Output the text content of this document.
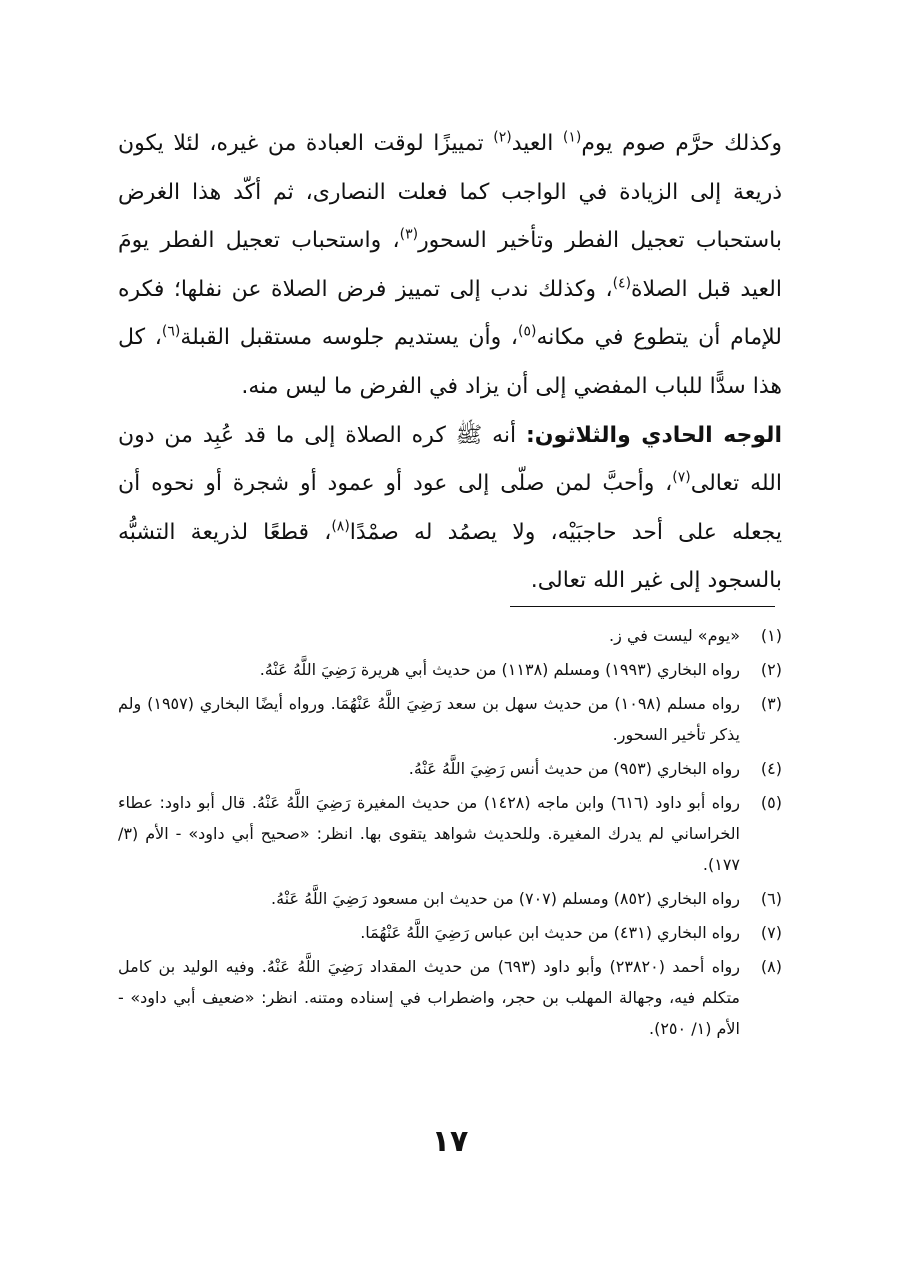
وكذلك حرَّم صوم يوم$^{(١)}$ العيد$^{(٢)}$ تمييزًا لوقت العبادة من غيره، لئلا يكون ذريعة إلى الزيادة في الواجب كما فعلت النصارى، ثم أكّد هذا الغرض باستحباب تعجيل الفطر وتأخير السحور$^{(٣)}$، واستحباب تعجيل الفطر يومَ العيد قبل الصلاة$^{(٤)}$، وكذلك ندب إلى تمييز فرض الصلاة عن نفلها؛ فكره للإمام أن يتطوع في مكانه$^{(٥)}$، وأن يستديم جلوسه مستقبل القبلة$^{(٦)}$، كل هذا سدًّا للباب المفضي إلى أن يزاد في الفرض ما ليس منه.

الوجه الحادي والثلاثون: أنه ﷺ كره الصلاة إلى ما قد عُبِد من دون الله تعالى$^{(٧)}$، وأحبَّ لمن صلّى إلى عود أو عمود أو شجرة أو نحوه أن يجعله على أحد حاجبَيْه، ولا يصمُد له صمْدًا$^{(٨)}$، قطعًا لذريعة التشبُّه بالسجود إلى غير الله تعالى.

(١)
«يوم» ليست في ز.
(٢)
رواه البخاري (١٩٩٣) ومسلم (١١٣٨) من حديث أبي هريرة رَضِيَ اللَّهُ عَنْهُ.
(٣)
رواه مسلم (١٠٩٨) من حديث سهل بن سعد رَضِيَ اللَّهُ عَنْهُمَا. ورواه أيضًا البخاري (١٩٥٧) ولم يذكر تأخير السحور.
(٤)
رواه البخاري (٩٥٣) من حديث أنس رَضِيَ اللَّهُ عَنْهُ.
(٥)
رواه أبو داود (٦١٦) وابن ماجه (١٤٢٨) من حديث المغيرة رَضِيَ اللَّهُ عَنْهُ. قال أبو داود: عطاء الخراساني لم يدرك المغيرة. وللحديث شواهد يتقوى بها. انظر: «صحيح أبي داود» - الأم (٣/ ١٧٧).
(٦)
رواه البخاري (٨٥٢) ومسلم (٧٠٧) من حديث ابن مسعود رَضِيَ اللَّهُ عَنْهُ.
(٧)
رواه البخاري (٤٣١) من حديث ابن عباس رَضِيَ اللَّهُ عَنْهُمَا.
(٨)
رواه أحمد (٢٣٨٢٠) وأبو داود (٦٩٣) من حديث المقداد رَضِيَ اللَّهُ عَنْهُ. وفيه الوليد بن كامل متكلم فيه، وجهالة المهلب بن حجر، واضطراب في إسناده ومتنه. انظر: «ضعيف أبي داود» - الأم (١/ ٢٥٠).
١٧
